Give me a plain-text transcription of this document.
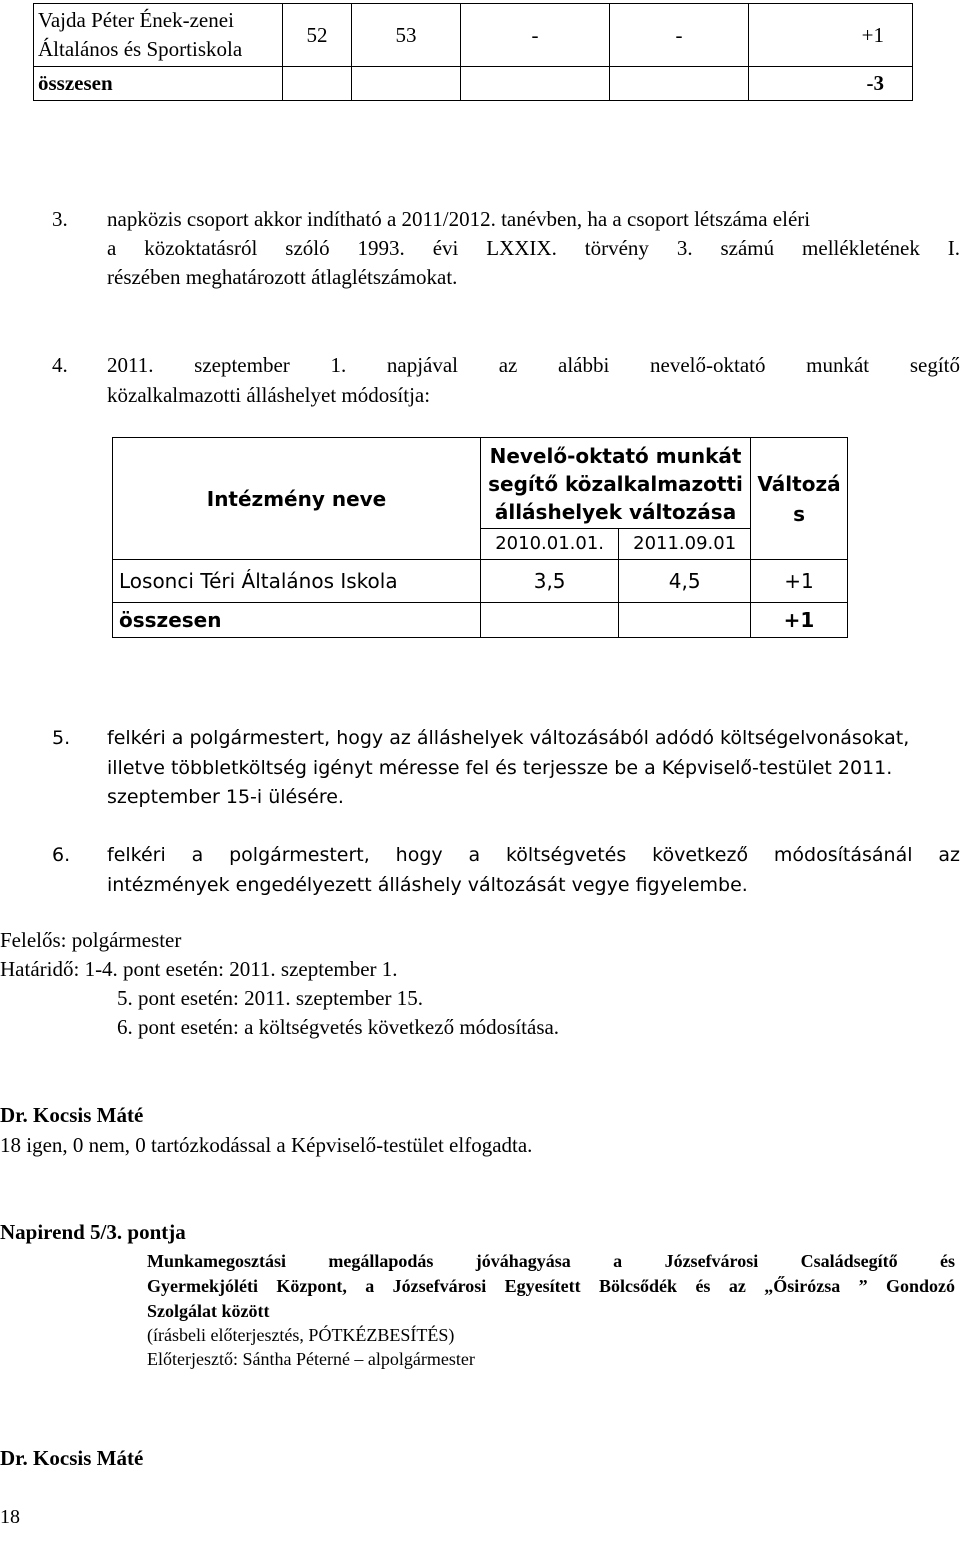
Vajda Péter Ének-zenei Általános és Sportiskola	52	53	-	-	+1
összesen					-3
3. napközis csoport akkor indítható a 2011/2012. tanévben, ha a csoport létszáma eléri
a közoktatásról szóló 1993. évi LXXIX. törvény 3. számú mellékletének I.
részében meghatározott átlaglétszámokat.
4. 2011. szeptember 1. napjával az alábbi nevelő-oktató munkát segítő
közalkalmazotti álláshelyet módosítja:
Intézmény neve	Nevelő-oktató munkát segítő közalkalmazotti álláshelyek változása		Változá
s
	2010.01.01.	2011.09.01	
Losonci Téri Általános Iskola	3,5	4,5	+1
összesen			+1
5. felkéri a polgármestert, hogy az álláshelyek változásából adódó költségelvonásokat,
illetve többletköltség igényt méresse fel és terjessze be a Képviselő-testület 2011.
szeptember 15-i ülésére.
6. felkéri a polgármestert, hogy a költségvetés következő módosításánál az
intézmények engedélyezett álláshely változását vegye figyelembe.
Felelős: polgármester
Határidő: 1-4. pont esetén: 2011. szeptember 1.
5. pont esetén: 2011. szeptember 15.
6. pont esetén: a költségvetés következő módosítása.
Dr. Kocsis Máté
18 igen, 0 nem, 0 tartózkodással a Képviselő-testület elfogadta.
Napirend 5/3. pontja
Munkamegosztási megállapodás jóváhagyása a Józsefvárosi Családsegítő és
Gyermekjóléti Központ, a Józsefvárosi Egyesített Bölcsődék és az „Ősirózsa ” Gondozó
Szolgálat között
(írásbeli előterjesztés, PÓTKÉZBESÍTÉS)
Előterjesztő: Sántha Péterné – alpolgármester
Dr. Kocsis Máté
18
